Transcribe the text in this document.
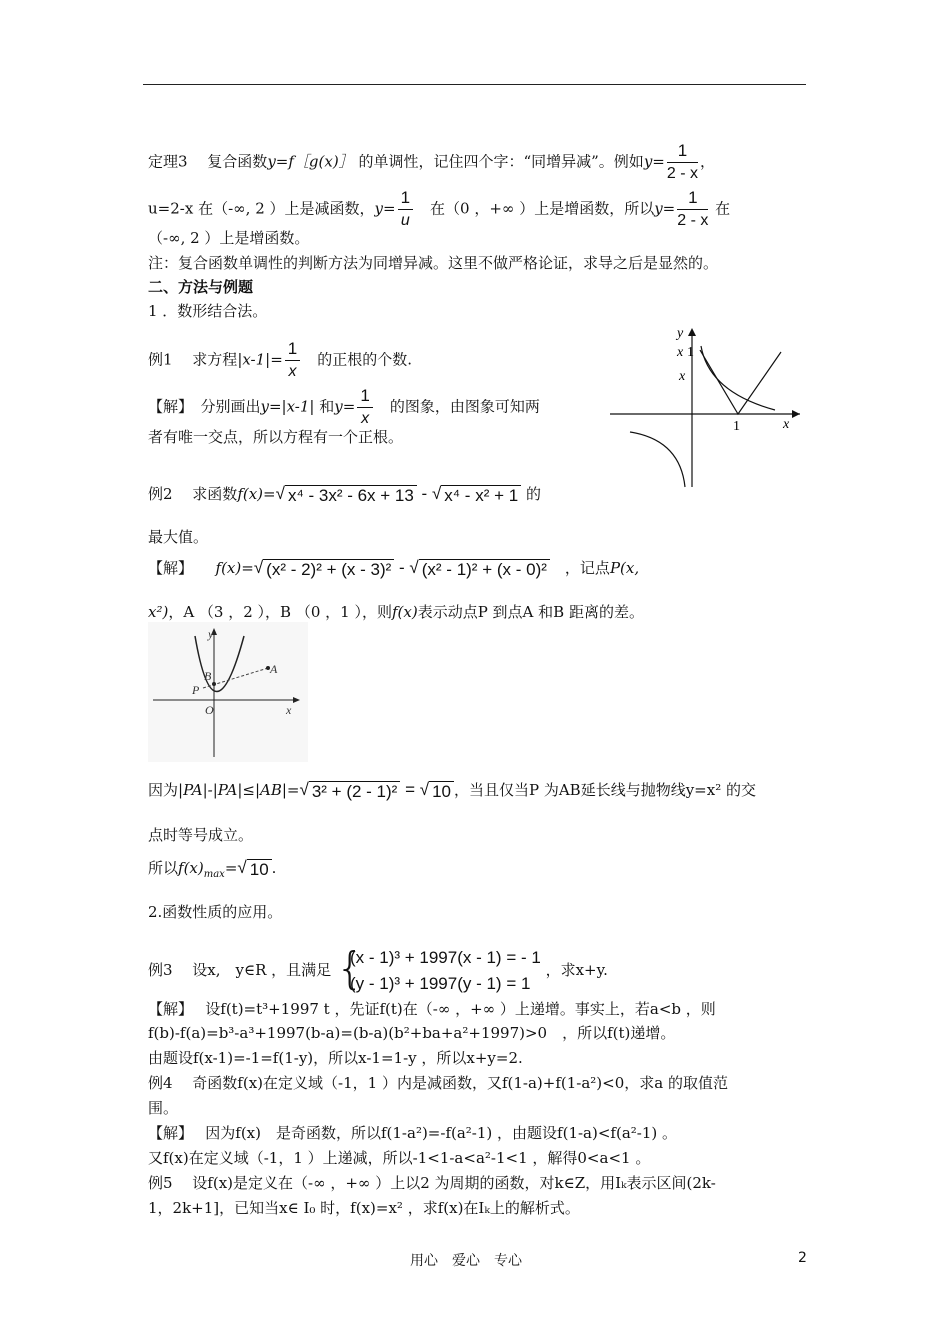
定理3　 复合函数y=f［g(x)］ 的单调性，记住四个字：“同增异减”。例如$y= \frac{1}{2 - x}$ ，
u=2-x 在（-∞, 2 ）上是减函数，$y= \frac{1}{u}$
　 在（0 ，+∞ ）上是增函数，所以$y= \frac{1}{2 - x}$ 在
（-∞, 2 ）上是增函数。
注：复合函数单调性的判断方法为同增异减。这里不做严格论证，求导之后是显然的。
二、方法与例题
1 ．数形结合法。
例1　 求方程$|x-1|= \frac{1}{x}$
　 的正根的个数.
【解】　分别画出y=|x-1| 和$y= \frac{1}{x}$
　 的图象，由图象可知两
者有唯一交点，所以方程有一个正根。
y
x 1
x
1	x
例2　 求函数f(x)=√ x⁴ - 3x² - 6x + 13 - √ x⁴ - x² + 1 的
最大值。
【解】　　f(x)=√ (x² - 2)² + (x - 3)² - √ (x² - 1)² + (x - 0)²　 ，记点P(x,
x²)，A （3 ，2 ），B （0 ，1 ），则f(x)表示动点P 到点A 和B 距离的差。
y
A
B
P
O	x
因为|PA|-|PA|≤|AB|=√ 3² + (2 - 1)² = √ 10 ，当且仅当P 为AB延长线与抛物线y=x² 的交
点时等号成立。
所以$f(x)_{max}=√$ 10 .
2.函数性质的应用。
例3　 设x,　y∈R ，且满足 {
(x - 1)³ + 1997(x - 1) = - 1
(y - 1)³ + 1997(y - 1) = 1
，求x+y.
【解】　 设f(t)=t³+1997 t ，先证f(t)在（-∞ ，+∞ ）上递增。事实上，若a<b ，则
f(b)-f(a)=b³-a³+1997(b-a)=(b-a)(b²+ba+a²+1997)>0　，所以f(t)递增。
由题设f(x-1)=-1=f(1-y)，所以x-1=1-y ，所以x+y=2.
例4　 奇函数f(x)在定义域（-1，1 ）内是减函数，又f(1-a)+f(1-a²)<0，求a 的取值范
围。
【解】　 因为f(x)　是奇函数，所以f(1-a²)=-f(a²-1) ，由题设f(1-a)<f(a²-1) 。
又f(x)在定义域（-1，1 ）上递减，所以-1<1-a<a²-1<1 ，解得0<a<1 。
例5　 设f(x)是定义在（-∞ ，+∞ ）上以2 为周期的函数，对k∈Z，用Iₖ表示区间(2k-
1，2k+1]，已知当x∈ I₀ 时，f(x)=x² ，求f(x)在Iₖ上的解析式。
用心　爱心　专心	2
